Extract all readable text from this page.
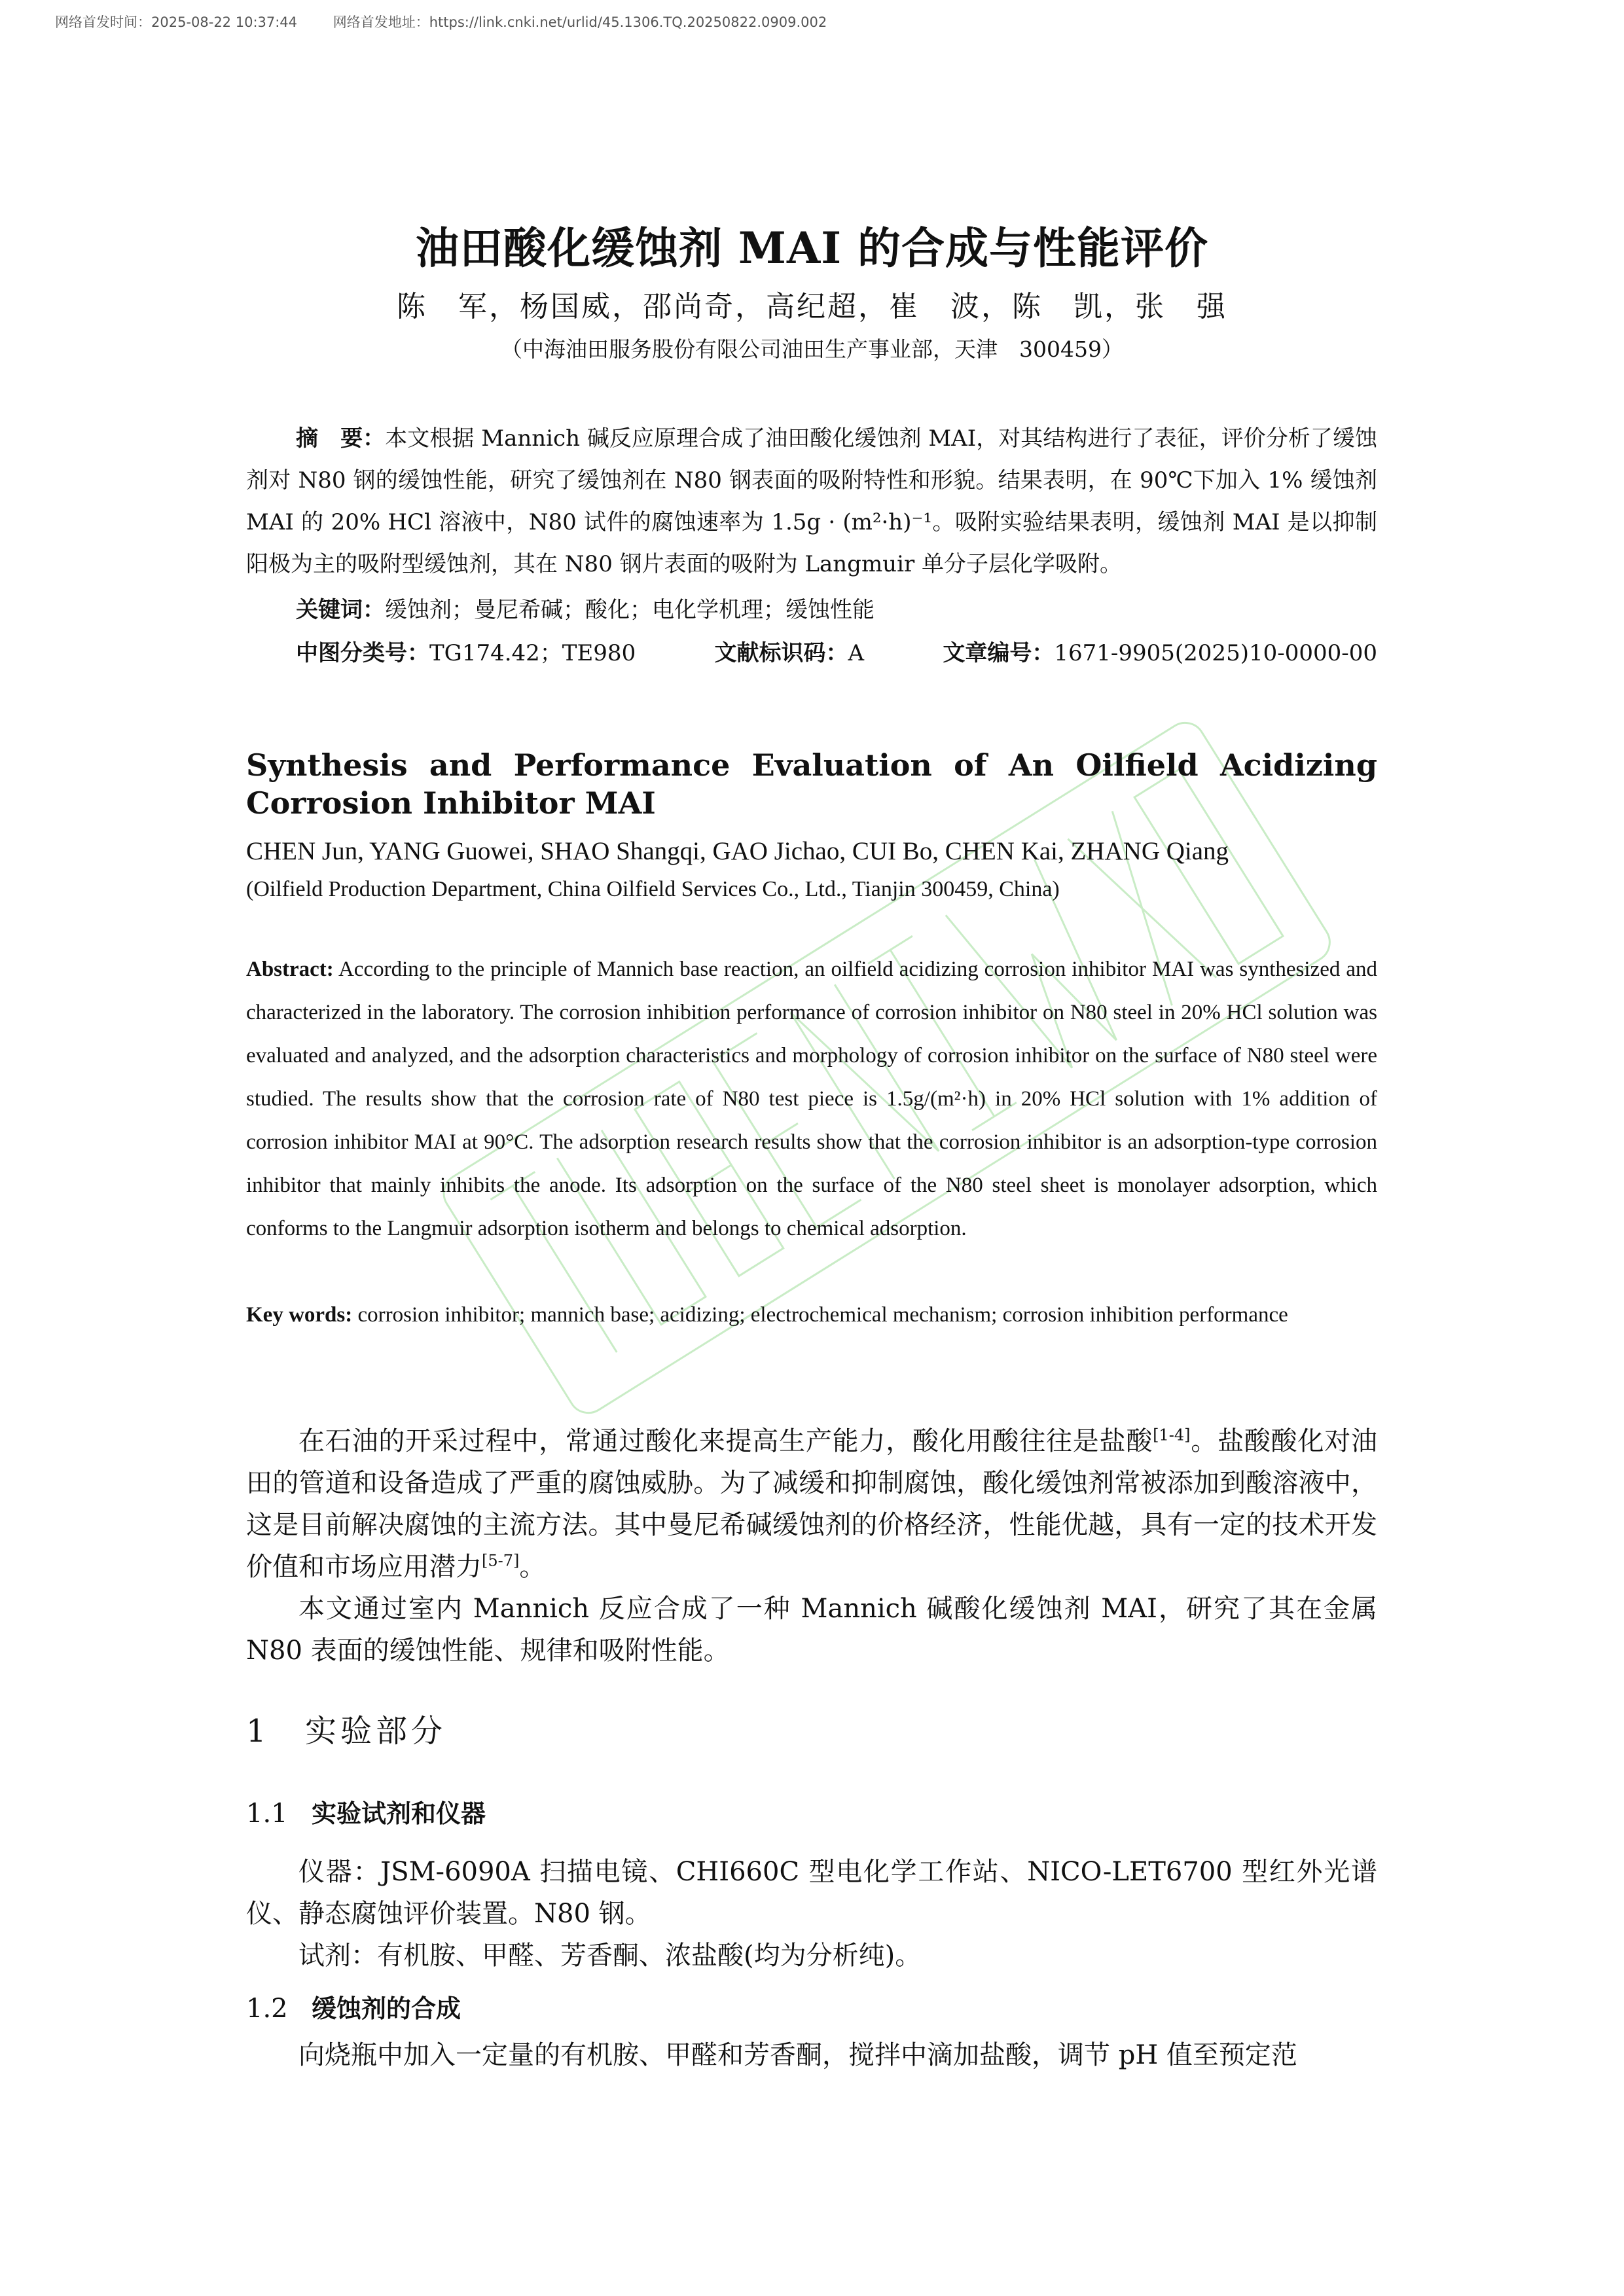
网络首发时间：2025-08-22 10:37:44	网络首发地址：https://link.cnki.net/urlid/45.1306.TQ.20250822.0909.002
油田酸化缓蚀剂 MAI 的合成与性能评价
陈　军，杨国威，邵尚奇，高纪超，崔　波，陈　凯，张　强
（中海油田服务股份有限公司油田生产事业部，天津　300459）
摘　要：本文根据 Mannich 碱反应原理合成了油田酸化缓蚀剂 MAI，对其结构进行了表征，评价分析了缓蚀剂对 N80 钢的缓蚀性能，研究了缓蚀剂在 N80 钢表面的吸附特性和形貌。结果表明，在 90℃下加入 1% 缓蚀剂 MAI 的 20% HCl 溶液中，N80 试件的腐蚀速率为 1.5g · (m²·h)⁻¹。吸附实验结果表明，缓蚀剂 MAI 是以抑制阳极为主的吸附型缓蚀剂，其在 N80 钢片表面的吸附为 Langmuir 单分子层化学吸附。
关键词：缓蚀剂；曼尼希碱；酸化；电化学机理；缓蚀性能
中图分类号：TG174.42；TE980	文献标识码：A	文章编号：1671-9905(2025)10-0000-00
Synthesis and Performance Evaluation of An Oilfield Acidizing Corrosion Inhibitor MAI
CHEN Jun, YANG Guowei, SHAO Shangqi, GAO Jichao, CUI Bo, CHEN Kai, ZHANG Qiang
(Oilfield Production Department, China Oilfield Services Co., Ltd., Tianjin 300459, China)
Abstract: According to the principle of Mannich base reaction, an oilfield acidizing corrosion inhibitor MAI was synthesized and characterized in the laboratory. The corrosion inhibition performance of corrosion inhibitor on N80 steel in 20% HCl solution was evaluated and analyzed, and the adsorption characteristics and morphology of corrosion inhibitor on the surface of N80 steel were studied. The results show that the corrosion rate of N80 test piece is 1.5g/(m²·h) in 20% HCl solution with 1% addition of corrosion inhibitor MAI at 90°C. The adsorption research results show that the corrosion inhibitor is an adsorption-type corrosion inhibitor that mainly inhibits the anode. Its adsorption on the surface of the N80 steel sheet is monolayer adsorption, which conforms to the Langmuir adsorption isotherm and belongs to chemical adsorption.
Key words: corrosion inhibitor; mannich base; acidizing; electrochemical mechanism; corrosion inhibition performance

在石油的开采过程中，常通过酸化来提高生产能力，酸化用酸往往是盐酸[1-4]。盐酸酸化对油田的管道和设备造成了严重的腐蚀威胁。为了减缓和抑制腐蚀，酸化缓蚀剂常被添加到酸溶液中，这是目前解决腐蚀的主流方法。其中曼尼希碱缓蚀剂的价格经济，性能优越，具有一定的技术开发价值和市场应用潜力[5-7]。

本文通过室内 Mannich 反应合成了一种 Mannich 碱酸化缓蚀剂 MAI，研究了其在金属 N80 表面的缓蚀性能、规律和吸附性能。

1 实验部分
1.1 实验试剂和仪器

仪器：JSM-6090A 扫描电镜、CHI660C 型电化学工作站、NICO-LET6700 型红外光谱仪、静态腐蚀评价装置。N80 钢。

试剂：有机胺、甲醛、芳香酮、浓盐酸(均为分析纯)。

1.2 缓蚀剂的合成

向烧瓶中加入一定量的有机胺、甲醛和芳香酮，搅拌中滴加盐酸，调节 pH 值至预定范
